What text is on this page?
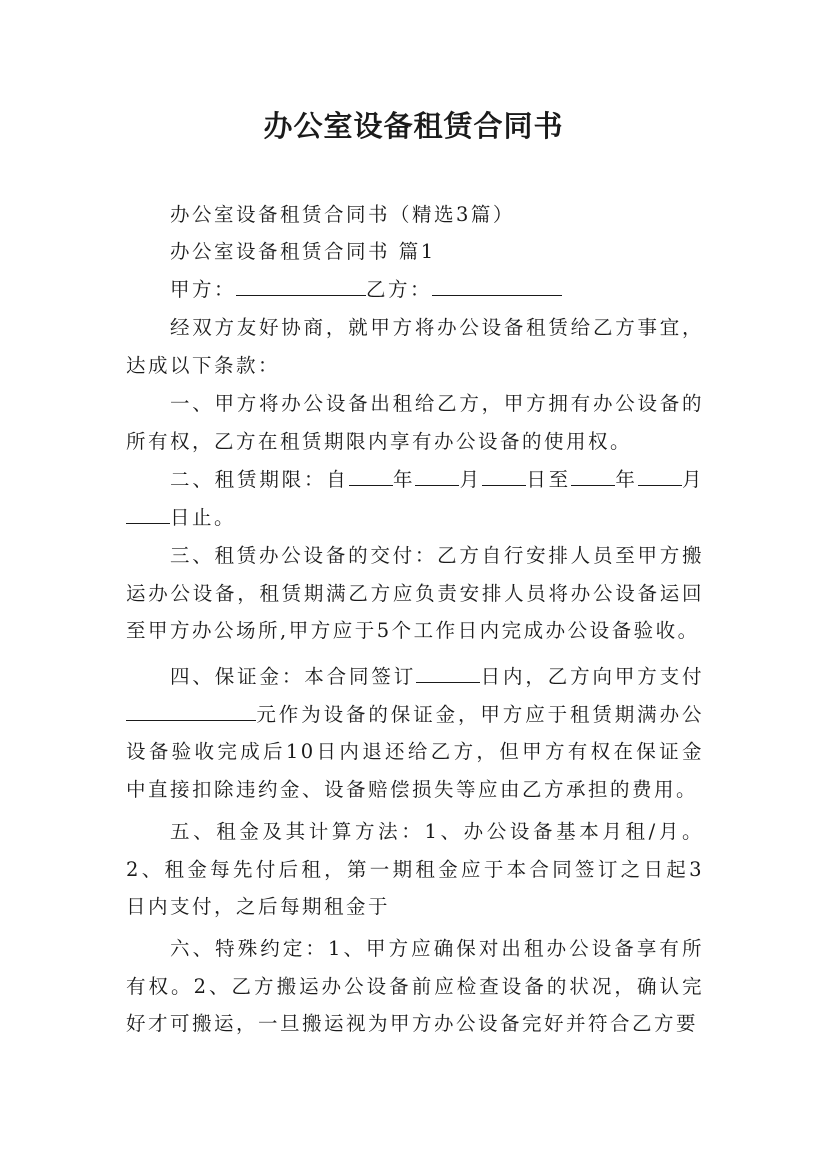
办公室设备租赁合同书

办公室设备租赁合同书（精选3篇）

办公室设备租赁合同书 篇1

甲方：	乙方：

经双方友好协商，就甲方将办公设备租赁给乙方事宜，达成以下条款：

一、甲方将办公设备出租给乙方，甲方拥有办公设备的所有权，乙方在租赁期限内享有办公设备的使用权。

二、租赁期限：自 年 月 日至 年 月日止。

三、租赁办公设备的交付：乙方自行安排人员至甲方搬运办公设备，租赁期满乙方应负责安排人员将办公设备运回至甲方办公场所,甲方应于5个工作日内完成办公设备验收。

四、保证金：本合同签订	日内，乙方向甲方支付元作为设备的保证金，甲方应于租赁期满办公设备验收完成后10日内退还给乙方，但甲方有权在保证金中直接扣除违约金、设备赔偿损失等应由乙方承担的费用。

五、租金及其计算方法：1、办公设备基本月租/月。2、租金每先付后租，第一期租金应于本合同签订之日起3日内支付，之后每期租金于

六、特殊约定：1、甲方应确保对出租办公设备享有所有权。2、乙方搬运办公设备前应检查设备的状况，确认完好才可搬运，一旦搬运视为甲方办公设备完好并符合乙方要
